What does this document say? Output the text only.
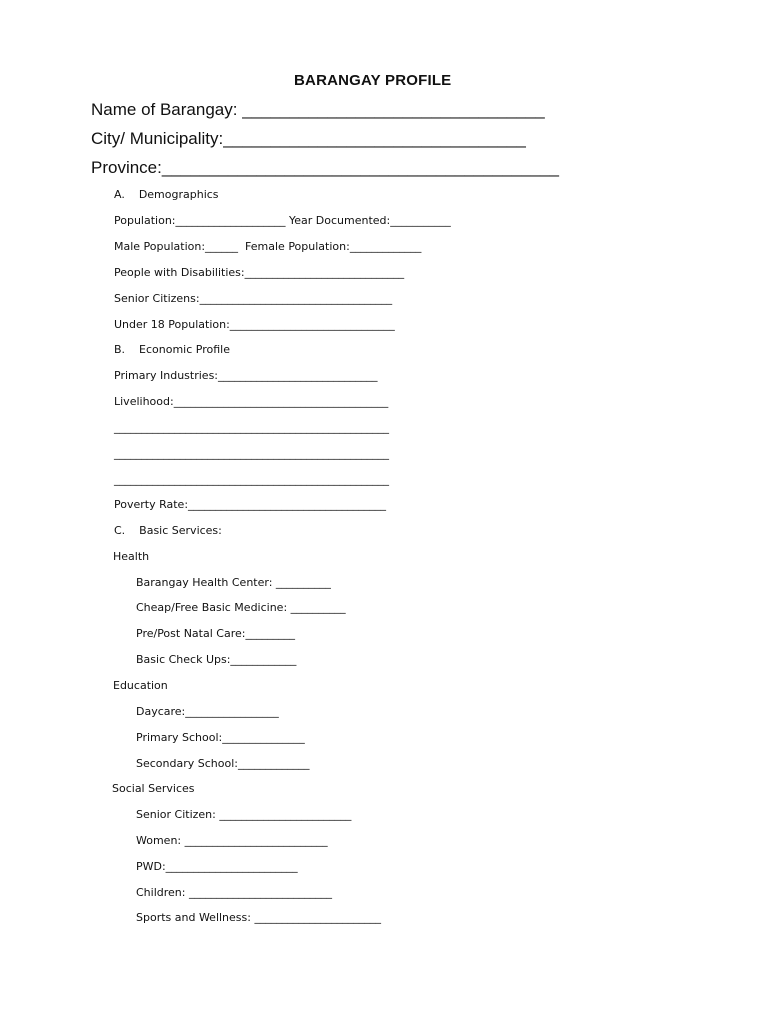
BARANGAY PROFILE
Name of Barangay: ________________________________
City/ Municipality:________________________________
Province:__________________________________________
A.    Demographics
Population:____________________ Year Documented:___________
Male Population:______  Female Population:_____________
People with Disabilities:_____________________________
Senior Citizens:___________________________________
Under 18 Population:______________________________
B.    Economic Profile
Primary Industries:_____________________________
Livelihood:_______________________________________
__________________________________________________
__________________________________________________
__________________________________________________
Poverty Rate:____________________________________
C.    Basic Services:
Health
Barangay Health Center: __________
Cheap/Free Basic Medicine: __________
Pre/Post Natal Care:_________
Basic Check Ups:____________
Education
Daycare:_________________
Primary School:_______________
Secondary School:_____________
Social Services
Senior Citizen: ________________________
Women: __________________________
PWD:________________________
Children: __________________________
Sports and Wellness: _______________________
